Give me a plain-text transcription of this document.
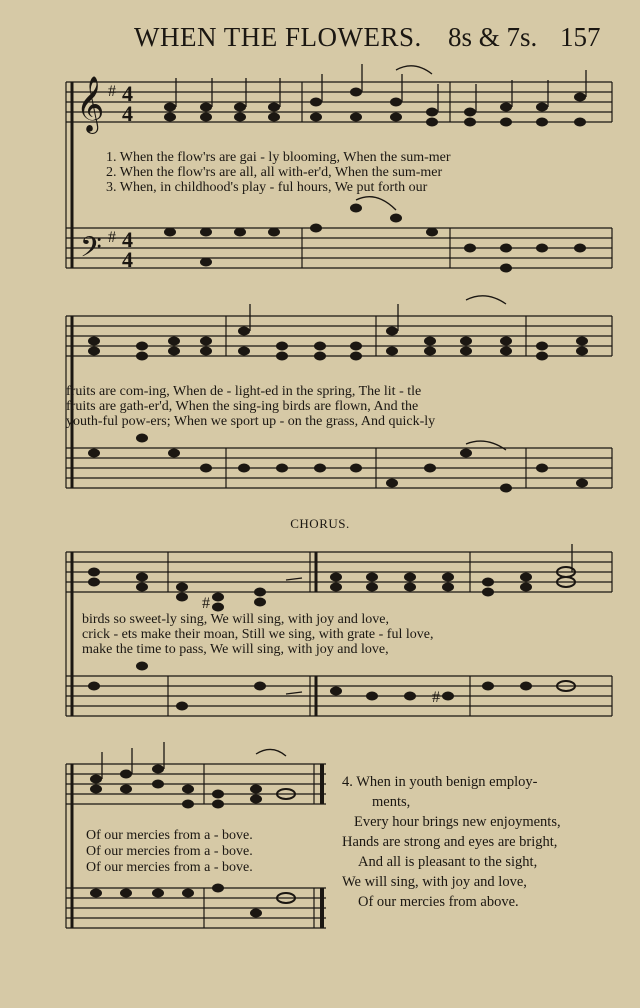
WHEN THE FLOWERS. 8s & 7s. 157
𝄞 # 4
4
𝄢 # 4
4
1. When the flow'rs are gai - ly blooming, When the sum-mer
2. When the flow'rs are all, all with-er'd, When the sum-mer
3. When, in childhood's play - ful hours, We put forth our
fruits are com-ing, When de - light-ed in the spring, The lit - tle
fruits are gath-er'd, When the sing-ing birds are flown, And the
youth-ful pow-ers; When we sport up - on the grass, And quick-ly
CHORUS.
#
#
birds so sweet-ly sing, We will sing, with joy and love,
crick - ets make their moan, Still we sing, with grate - ful love,
make the time to pass, We will sing, with joy and love,
Of our mercies from a - bove.
Of our mercies from a - bove.
Of our mercies from a - bove.
4. When in youth benign employ-
ments,
Every hour brings new enjoyments,
Hands are strong and eyes are bright,
And all is pleasant to the sight,
We will sing, with joy and love,
Of our mercies from above.
